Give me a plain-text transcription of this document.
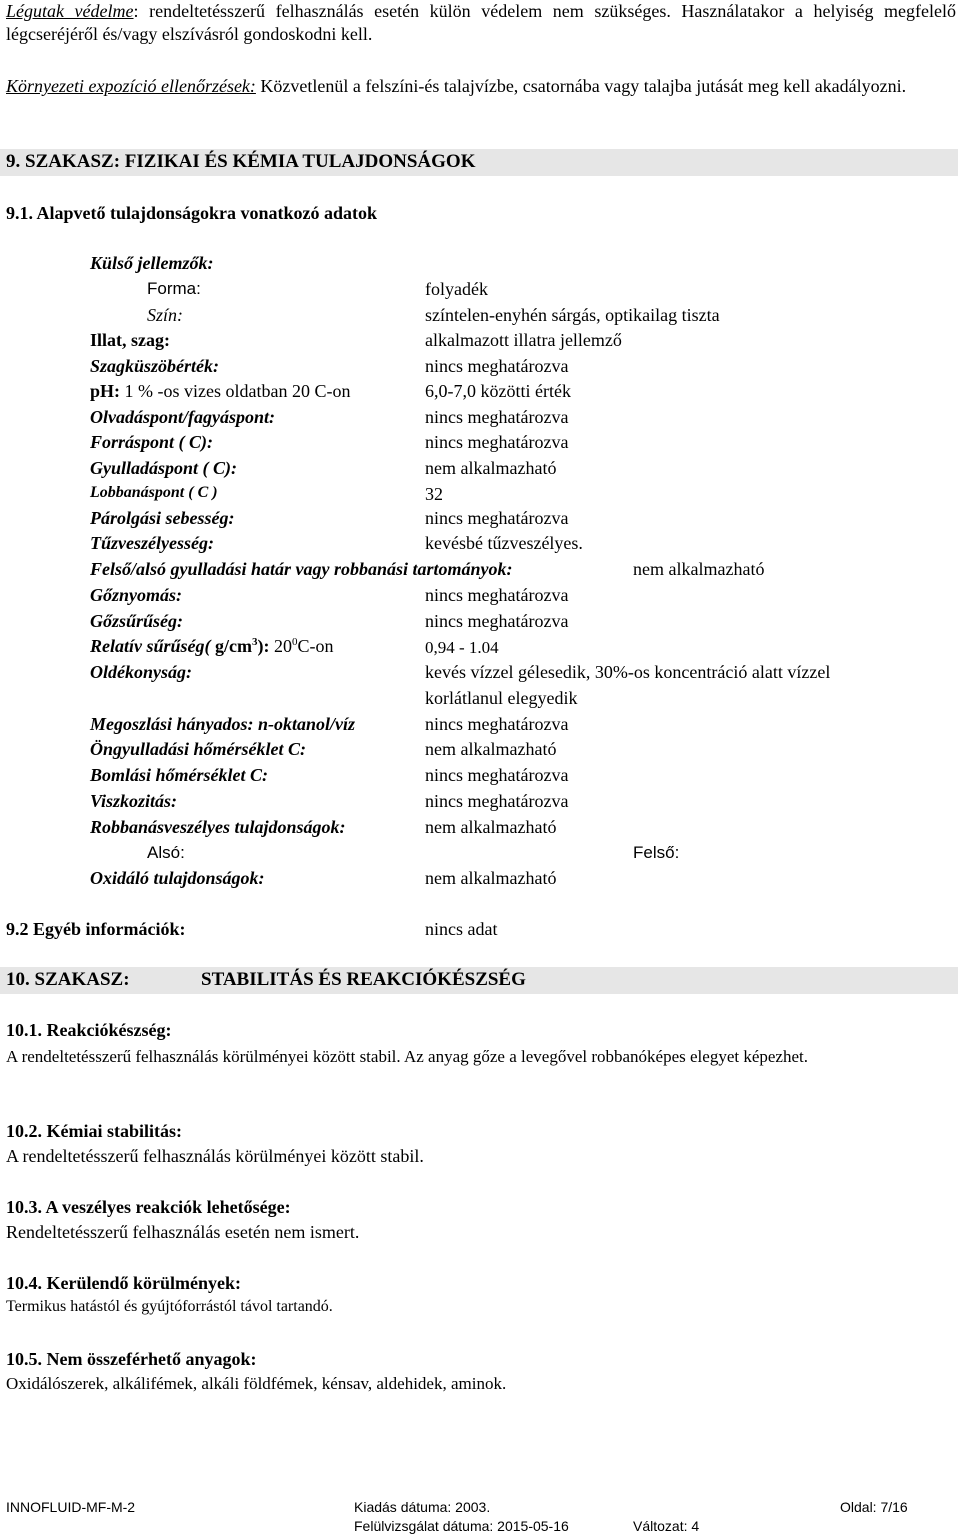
Légutak védelme: rendeltetésszerű felhasználás esetén külön védelem nem szükséges. Használatakor a helyiség megfelelő légcseréjéről és/vagy elszívásról gondoskodni kell.
Környezeti expozíció ellenőrzések: Közvetlenül a felszíni-és talajvízbe, csatornába vagy talajba jutását meg kell akadályozni.
9. SZAKASZ: FIZIKAI ÉS KÉMIA TULAJDONSÁGOK
9.1. Alapvető tulajdonságokra vonatkozó adatok
Külső jellemzők:
Forma:	folyadék
Szín:	színtelen-enyhén sárgás, optikailag tiszta
Illat, szag:	alkalmazott illatra jellemző
Szagküszöbérték:	nincs meghatározva
pH: 1 % -os vizes oldatban 20 C-on	6,0-7,0 közötti érték
Olvadáspont/fagyáspont:	nincs meghatározva
Forráspont ( C):	nincs meghatározva
Gyulladáspont ( C):	nem alkalmazható
Lobbanáspont ( C )	32
Párolgási sebesség:	nincs meghatározva
Tűzveszélyesség:	kevésbé tűzveszélyes.
Felső/alsó gyulladási határ vagy robbanási tartományok:	nem alkalmazható
Gőznyomás:	nincs meghatározva
Gőzsűrűség:	nincs meghatározva
Relatív sűrűség( $g/cm^3$): $20^0C-on$	0,94 - 1.04
Oldékonyság:	kevés vízzel gélesedik, 30%-os koncentráció alatt vízzel
korlátlanul elegyedik
Megoszlási hányados: n-oktanol/víz	nincs meghatározva
Öngyulladási hőmérséklet C:	nem alkalmazható
Bomlási hőmérséklet C:	nincs meghatározva
Viszkozitás:	nincs meghatározva
Robbanásveszélyes tulajdonságok:	nem alkalmazható
Alsó:	Felső:
Oxidáló tulajdonságok:	nem alkalmazható
9.2 Egyéb információk:	nincs adat
10. SZAKASZ:	STABILITÁS ÉS REAKCIÓKÉSZSÉG
10.1. Reakciókészség:
A rendeltetésszerű felhasználás körülményei között stabil. Az anyag gőze a levegővel robbanóképes elegyet képezhet.
10.2. Kémiai stabilitás:
A rendeltetésszerű felhasználás körülményei között stabil.
10.3. A veszélyes reakciók lehetősége:
Rendeltetésszerű felhasználás esetén nem ismert.
10.4. Kerülendő körülmények:
Termikus hatástól és gyújtóforrástól távol tartandó.
10.5. Nem összeférhető anyagok:
Oxidálószerek, alkálifémek, alkáli földfémek, kénsav, aldehidek, aminok.
INNOFLUID-MF-M-2	Kiadás dátuma: 2003.	Oldal: 7/16
Felülvizsgálat dátuma: 2015-05-16	Változat: 4
